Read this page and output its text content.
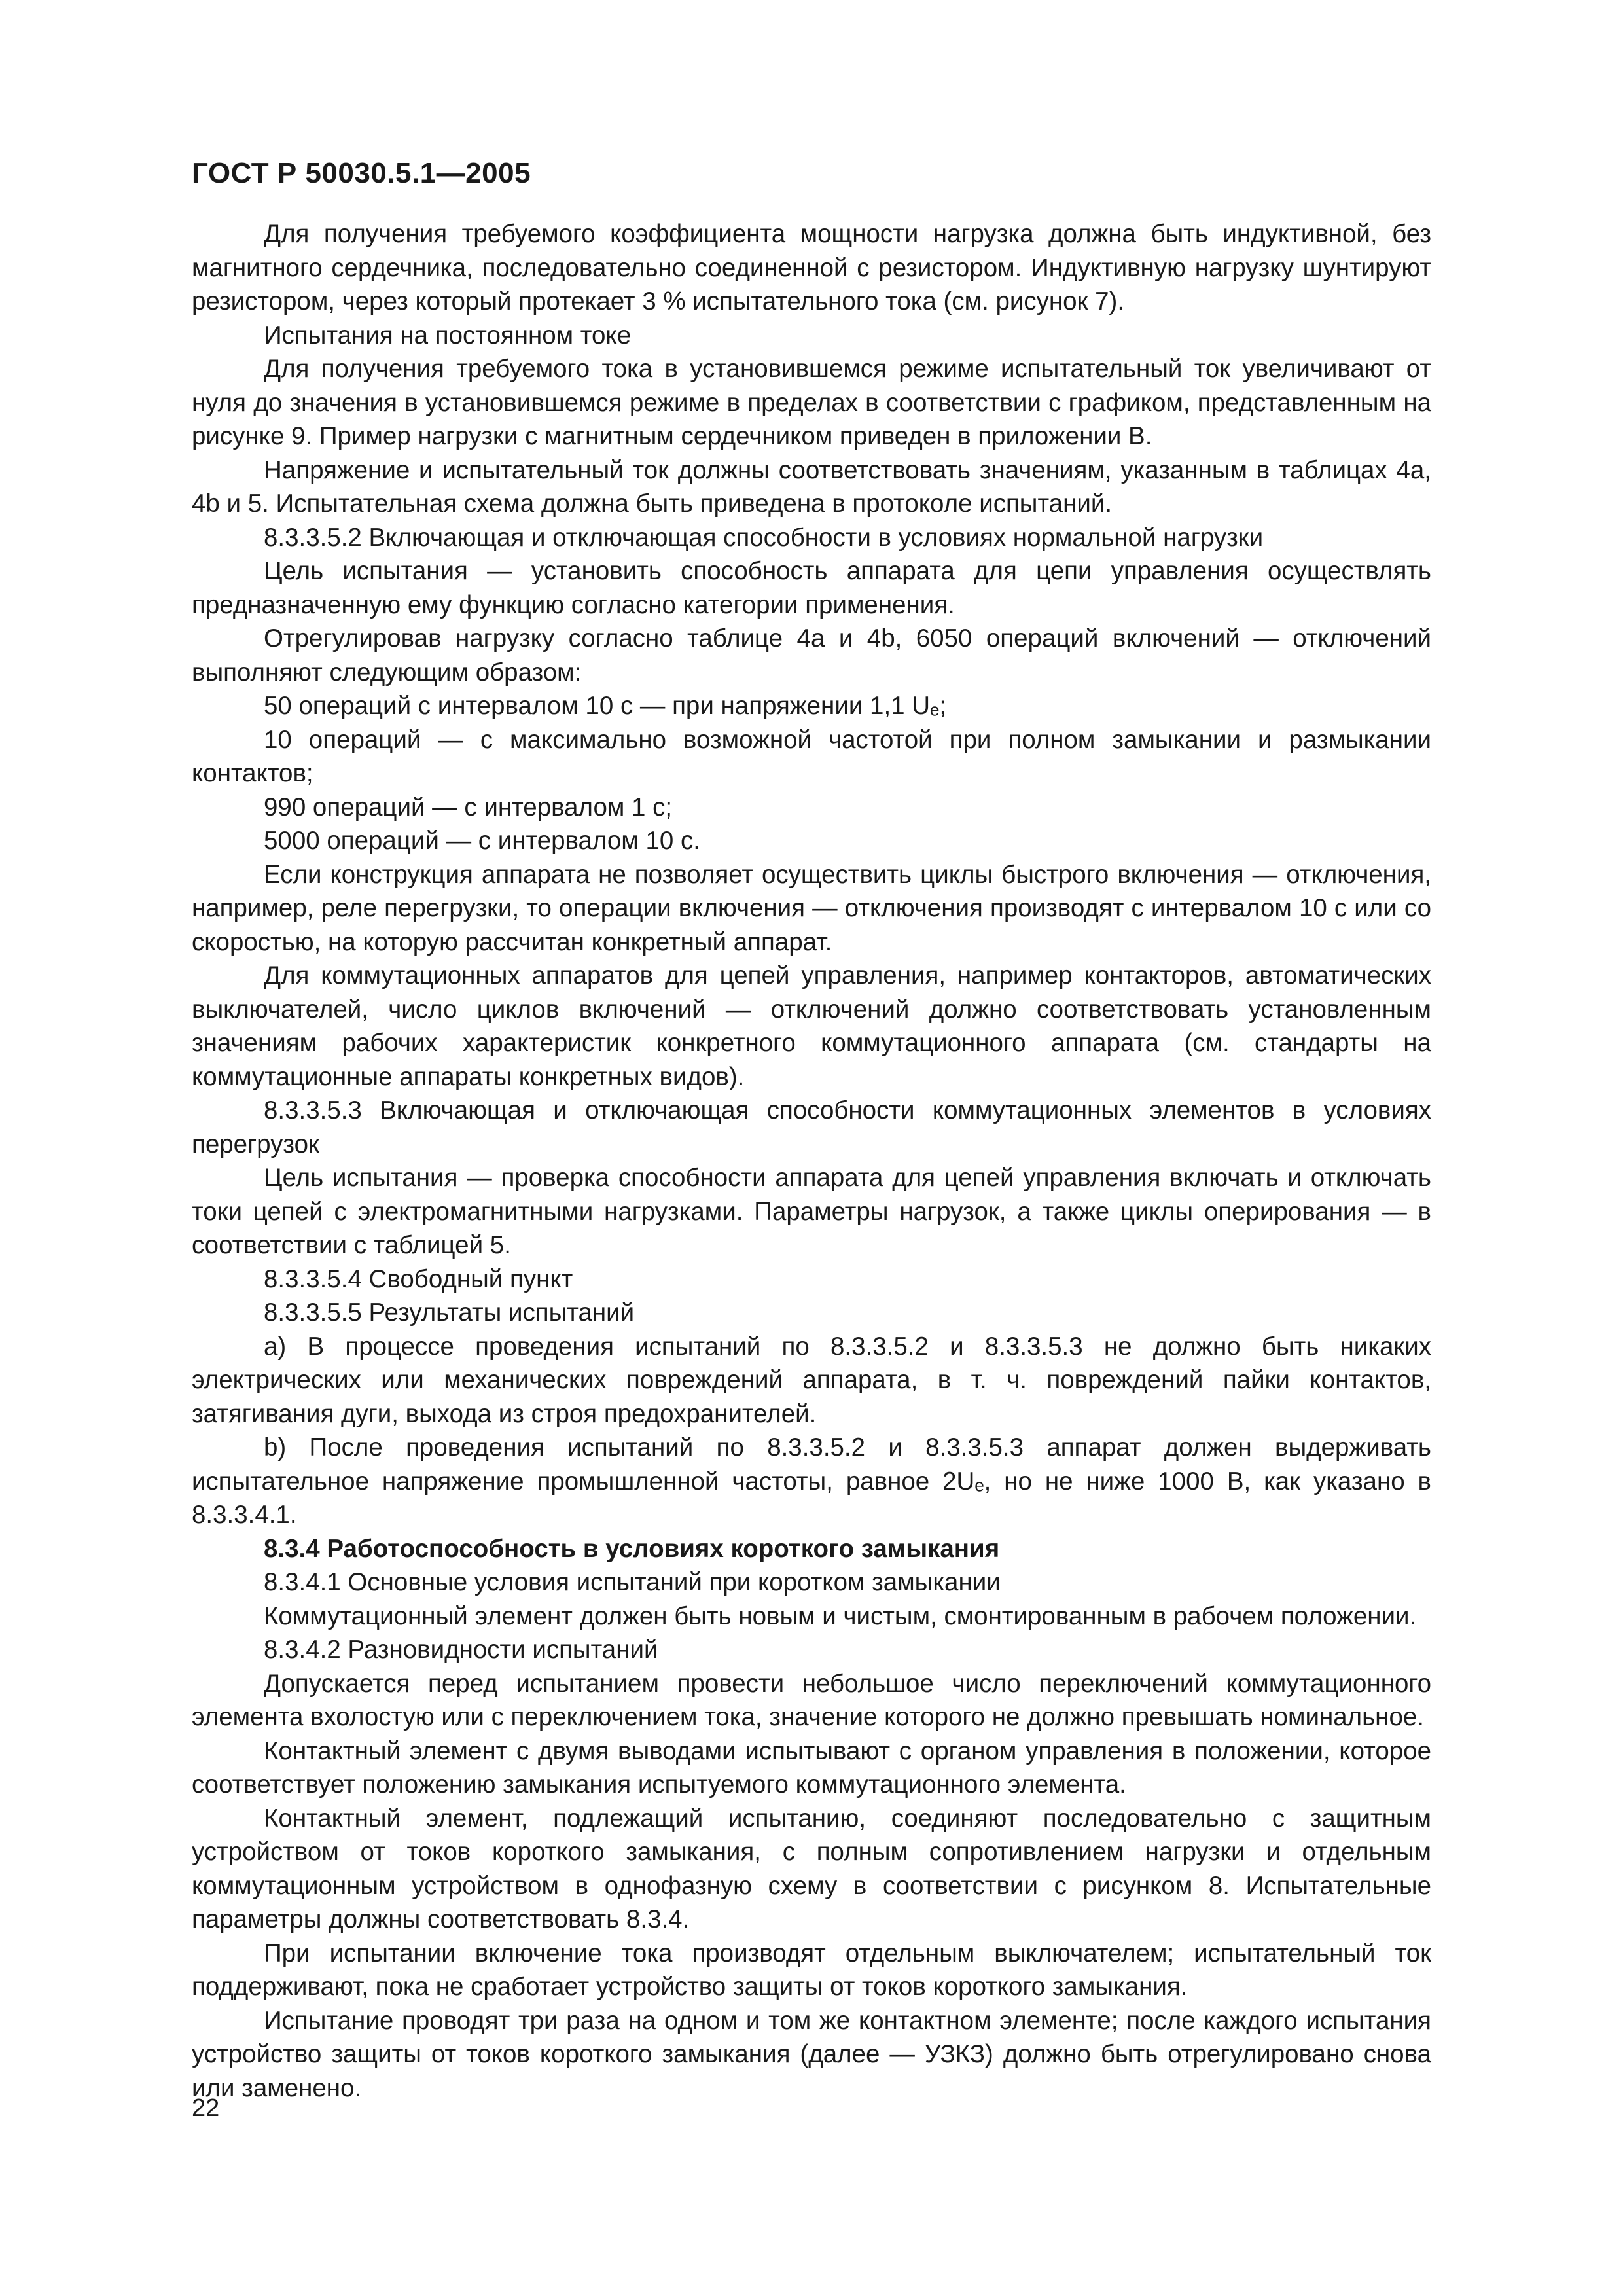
ГОСТ Р 50030.5.1—2005

Для получения требуемого коэффициента мощности нагрузка должна быть индуктивной, без магнитного сердечника, последовательно соединенной с резистором. Индуктивную нагрузку шунтируют резистором, через который протекает 3 % испытательного тока (см. рисунок 7).

Испытания на постоянном токе

Для получения требуемого тока в установившемся режиме испытательный ток увеличивают от нуля до значения в установившемся режиме в пределах в соответствии с графиком, представленным на рисунке 9. Пример нагрузки с магнитным сердечником приведен в приложении В.

Напряжение и испытательный ток должны соответствовать значениям, указанным в таблицах 4a, 4b и 5. Испытательная схема должна быть приведена в протоколе испытаний.

8.3.3.5.2 Включающая и отключающая способности в условиях нормальной нагрузки

Цель испытания — установить способность аппарата для цепи управления осуществлять предназначенную ему функцию согласно категории применения.

Отрегулировав нагрузку согласно таблице 4a и 4b, 6050 операций включений — отключений выполняют следующим образом:

50 операций с интервалом 10 с — при напряжении 1,1 Uₑ;

10 операций — с максимально возможной частотой при полном замыкании и размыкании контактов;

990 операций — с интервалом 1 с;

5000 операций — с интервалом 10 с.

Если конструкция аппарата не позволяет осуществить циклы быстрого включения — отключения, например, реле перегрузки, то операции включения — отключения производят с интервалом 10 с или со скоростью, на которую рассчитан конкретный аппарат.

Для коммутационных аппаратов для цепей управления, например контакторов, автоматических выключателей, число циклов включений — отключений должно соответствовать установленным значениям рабочих характеристик конкретного коммутационного аппарата (см. стандарты на коммутационные аппараты конкретных видов).

8.3.3.5.3 Включающая и отключающая способности коммутационных элементов в условиях перегрузок

Цель испытания — проверка способности аппарата для цепей управления включать и отключать токи цепей с электромагнитными нагрузками. Параметры нагрузок, а также циклы оперирования — в соответствии с таблицей 5.

8.3.3.5.4 Свободный пункт

8.3.3.5.5 Результаты испытаний

a) В процессе проведения испытаний по 8.3.3.5.2 и 8.3.3.5.3 не должно быть никаких электрических или механических повреждений аппарата, в т. ч. повреждений пайки контактов, затягивания дуги, выхода из строя предохранителей.

b) После проведения испытаний по 8.3.3.5.2 и 8.3.3.5.3 аппарат должен выдерживать испытательное напряжение промышленной частоты, равное 2Uₑ, но не ниже 1000 В, как указано в 8.3.3.4.1.

8.3.4 Работоспособность в условиях короткого замыкания

8.3.4.1 Основные условия испытаний при коротком замыкании

Коммутационный элемент должен быть новым и чистым, смонтированным в рабочем положении.

8.3.4.2 Разновидности испытаний

Допускается перед испытанием провести небольшое число переключений коммутационного элемента вхолостую или с переключением тока, значение которого не должно превышать номинальное.

Контактный элемент с двумя выводами испытывают с органом управления в положении, которое соответствует положению замыкания испытуемого коммутационного элемента.

Контактный элемент, подлежащий испытанию, соединяют последовательно с защитным устройством от токов короткого замыкания, с полным сопротивлением нагрузки и отдельным коммутационным устройством в однофазную схему в соответствии с рисунком 8. Испытательные параметры должны соответствовать 8.3.4.

При испытании включение тока производят отдельным выключателем; испытательный ток поддерживают, пока не сработает устройство защиты от токов короткого замыкания.

Испытание проводят три раза на одном и том же контактном элементе; после каждого испытания устройство защиты от токов короткого замыкания (далее — УЗКЗ) должно быть отрегулировано снова или заменено.

22
